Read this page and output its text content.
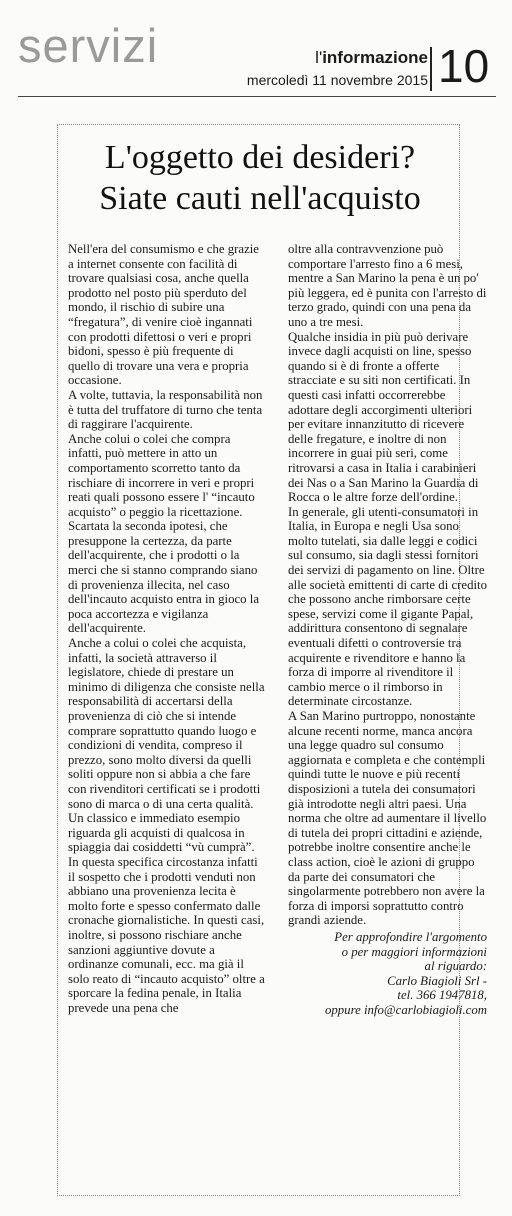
servizi	l'informazione
mercoledì 11 novembre 2015 10
L'oggetto dei desideri?
Siate cauti nell'acquisto

Nell'era del consumismo e che grazie a internet consente con facilità di trovare qualsiasi cosa, anche quella prodotto nel posto più sperduto del mondo, il rischio di subire una “fregatura”, di venire cioè ingannati con prodotti difettosi o veri e propri bidoni, spesso è più frequente di quello di trovare una vera e propria occasione.

A volte, tuttavia, la responsabilità non è tutta del truffatore di turno che tenta di raggirare l'acquirente.

Anche colui o colei che compra infatti, può mettere in atto un comportamento scorretto tanto da rischiare di incorrere in veri e propri reati quali possono essere l' “incauto acquisto” o peggio la ricettazione.

Scartata la seconda ipotesi, che presuppone la certezza, da parte dell'acquirente, che i prodotti o la merci che si stanno comprando siano di provenienza illecita, nel caso dell'incauto acquisto entra in gioco la poca accortezza e vigilanza dell'acquirente.

Anche a colui o colei che acquista, infatti, la società attraverso il legislatore, chiede di prestare un minimo di diligenza che consiste nella responsabilità di accertarsi della provenienza di ciò che si intende comprare soprattutto quando luogo e condizioni di vendita, compreso il prezzo, sono molto diversi da quelli soliti oppure non si abbia a che fare con rivenditori certificati se i prodotti sono di marca o di una certa qualità.

Un classico e immediato esempio riguarda gli acquisti di qualcosa in spiaggia dai cosiddetti “vù cumprà”.

In questa specifica circostanza infatti il sospetto che i prodotti venduti non abbiano una provenienza lecita è molto forte e spesso confermato dalle cronache giornalistiche. In questi casi, inoltre, si possono rischiare anche sanzioni aggiuntive dovute a ordinanze comunali, ecc. ma già il solo reato di “incauto acquisto” oltre a sporcare la fedina penale, in Italia prevede una pena che

oltre alla contravvenzione può comportare l'arresto fino a 6 mesi, mentre a San Marino la pena è un po' più leggera, ed è punita con l'arresto di terzo grado, quindi con una pena da uno a tre mesi.

Qualche insidia in più può derivare invece dagli acquisti on line, spesso quando si è di fronte a offerte stracciate e su siti non certificati. In questi casi infatti occorrerebbe adottare degli accorgimenti ulteriori per evitare innanzitutto di ricevere delle fregature, e inoltre di non incorrere in guai più seri, come ritrovarsi a casa in Italia i carabinieri dei Nas o a San Marino la Guardia di Rocca o le altre forze dell'ordine.

In generale, gli utenti-consumatori in Italia, in Europa e negli Usa sono molto tutelati, sia dalle leggi e codici sul consumo, sia dagli stessi fornitori dei servizi di pagamento on line. Oltre alle società emittenti di carte di credito che possono anche rimborsare certe spese, servizi come il gigante Papal, addirittura consentono di segnalare eventuali difetti o controversie tra acquirente e rivenditore e hanno la forza di imporre al rivenditore il cambio merce o il rimborso in determinate circostanze.

A San Marino purtroppo, nonostante alcune recenti norme, manca ancora una legge quadro sul consumo aggiornata e completa e che contempli quindi tutte le nuove e più recenti disposizioni a tutela dei consumatori già introdotte negli altri paesi. Una norma che oltre ad aumentare il livello di tutela dei propri cittadini e aziende, potrebbe inoltre consentire anche le class action, cioè le azioni di gruppo da parte dei consumatori che singolarmente potrebbero non avere la forza di imporsi soprattutto contro grandi aziende.

Per approfondire l'argomento
o per maggiori informazioni
al riguardo:
Carlo Biagioli Srl -
tel. 366 1947818,
oppure info@carlobiagioli.com
